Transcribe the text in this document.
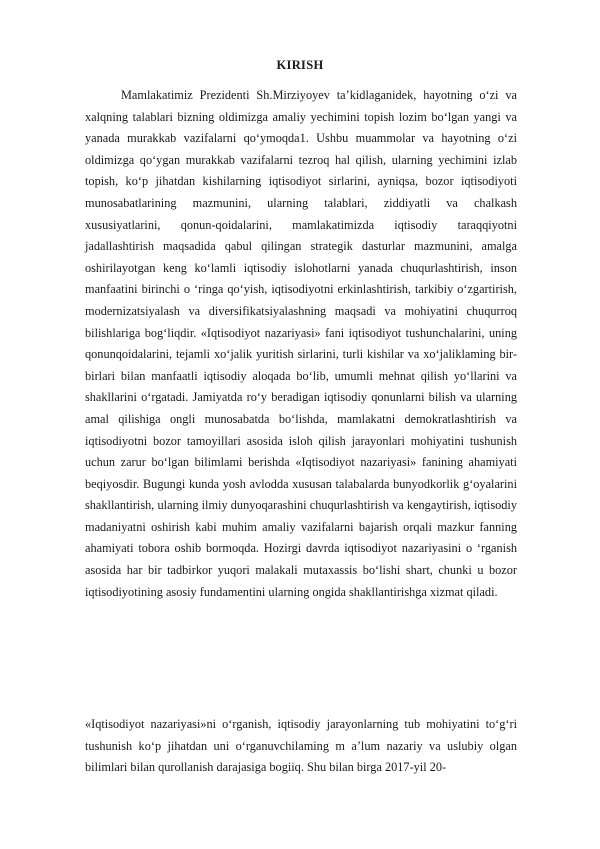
KIRISH

Mamlakatimiz Prezidenti Sh.Mirziyoyev ta’kidlaganidek, hayotning o‘zi va xalqning talablari bizning oldimizga amaliy yechimini topish lozim bo‘lgan yangi va yanada murakkab vazifalarni qo‘ymoqda1. Ushbu muammolar va hayotning o‘zi oldimizga qo‘ygan murakkab vazifalarni tezroq hal qilish, ularning yechimini izlab topish, ko‘p jihatdan kishilarning iqtisodiyot sirlarini, ayniqsa, bozor iqtisodiyoti munosabatlarining mazmunini, ularning talablari, ziddiyatli va chalkash xususiyatlarini, qonun-qoidalarini, mamlakatimizda iqtisodiy taraqqiyotni jadallashtirish maqsadida qabul qilingan strategik dasturlar mazmunini, amalga oshirilayotgan keng ko‘lamli iqtisodiy islohotlarni yanada chuqurlashtirish, inson manfaatini birinchi o ‘ringa qo‘yish, iqtisodiyotni erkinlashtirish, tarkibiy o‘zgartirish, modernizatsiyalash va diversifikatsiyalashning maqsadi va mohiyatini chuqurroq bilishlariga bog‘liqdir. «Iqtisodiyot nazariyasi» fani iqtisodiyot tushunchalarini, uning qonunqoidalarini, tejamli xo‘jalik yuritish sirlarini, turli kishilar va xo‘jaliklaming bir-birlari bilan manfaatli iqtisodiy aloqada bo‘lib, umumli mehnat qilish yo‘llarini va shakllarini o‘rgatadi. Jamiyatda ro‘y beradigan iqtisodiy qonunlarni bilish va ularning amal qilishiga ongli munosabatda bo‘lishda, mamlakatni demokratlashtirish va iqtisodiyotni bozor tamoyillari asosida isloh qilish jarayonlari mohiyatini tushunish uchun zarur bo‘lgan bilimlami berishda «Iqtisodiyot nazariyasi» fanining ahamiyati beqiyosdir. Bugungi kunda yosh avlodda xususan talabalarda bunyodkorlik g‘oyalarini shakllantirish, ularning ilmiy dunyoqarashini chuqurlashtirish va kengaytirish, iqtisodiy madaniyatni oshirish kabi muhim amaliy vazifalarni bajarish orqali mazkur fanning ahamiyati tobora oshib bormoqda. Hozirgi davrda iqtisodiyot nazariyasini o ‘rganish asosida har bir tadbirkor yuqori malakali mutaxassis bo‘lishi shart, chunki u bozor iqtisodiyotining asosiy fundamentini ularning ongida shakllantirishga xizmat qiladi.

«Iqtisodiyot nazariyasi»ni o‘rganish, iqtisodiy jarayonlarning tub mohiyatini to‘g‘ri tushunish ko‘p jihatdan uni o‘rganuvchilaming m a’lum nazariy va uslubiy olgan bilimlari bilan qurollanish darajasiga bogiiq. Shu bilan birga 2017-yil 20-
